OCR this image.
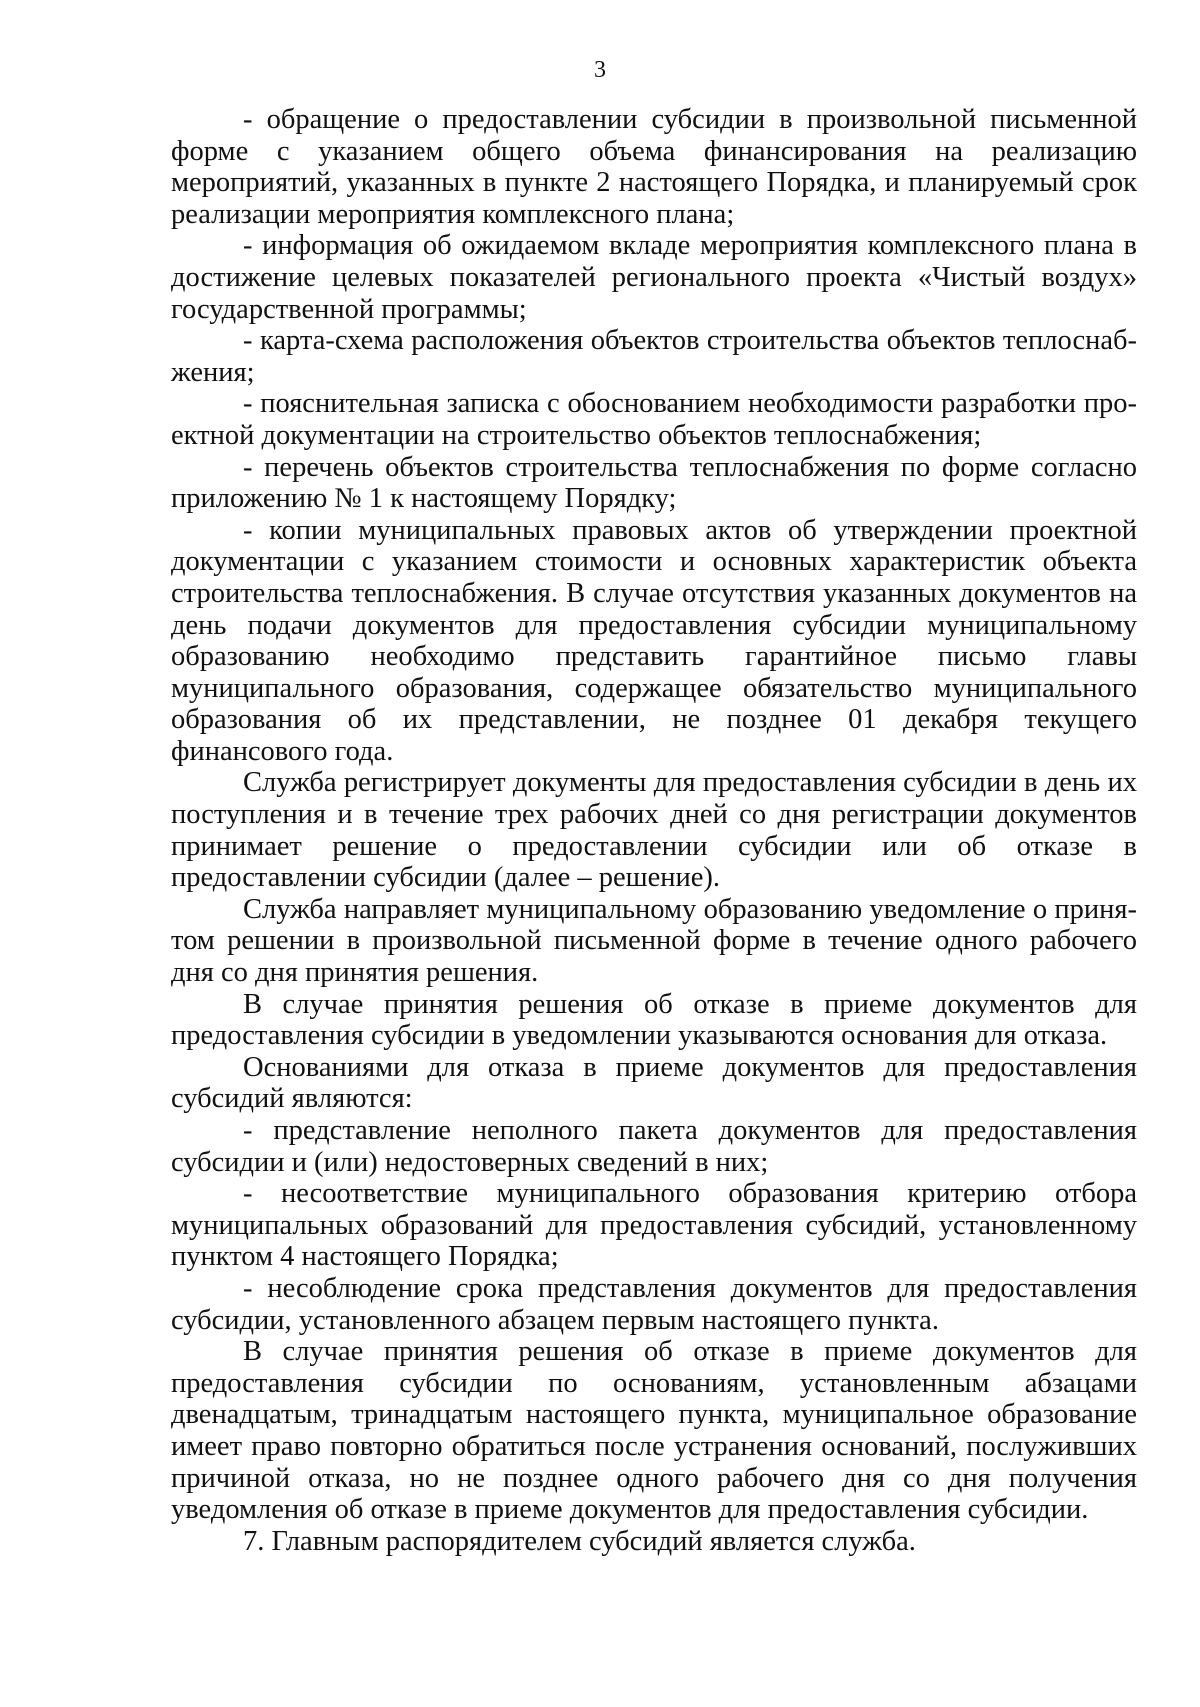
3

- обращение о предоставлении субсидии в произвольной письменной форме с указанием общего объема финансирования на реализацию мероприятий, указанных в пункте 2 настоящего Порядка, и планируемый срок реализации мероприятия комплексного плана;

- информация об ожидаемом вкладе мероприятия комплексного плана в достижение целевых показателей регионального проекта «Чистый воздух» государственной программы;

- карта-схема расположения объектов строительства объектов теплоснабжения;

- пояснительная записка с обоснованием необходимости разработки проектной документации на строительство объектов теплоснабжения;

- перечень объектов строительства теплоснабжения по форме согласно приложению № 1 к настоящему Порядку;

- копии муниципальных правовых актов об утверждении проектной документации с указанием стоимости и основных характеристик объекта строительства теплоснабжения. В случае отсутствия указанных документов на день подачи документов для предоставления субсидии муниципальному образованию необходимо представить гарантийное письмо главы муниципального образования, содержащее обязательство муниципального образования об их представлении, не позднее 01 декабря текущего финансового года.

Служба регистрирует документы для предоставления субсидии в день их поступления и в течение трех рабочих дней со дня регистрации документов принимает решение о предоставлении субсидии или об отказе в предоставлении субсидии (далее – решение).

Служба направляет муниципальному образованию уведомление о принятом решении в произвольной письменной форме в течение одного рабочего дня со дня принятия решения.

В случае принятия решения об отказе в приеме документов для предоставления субсидии в уведомлении указываются основания для отказа.

Основаниями для отказа в приеме документов для предоставления субсидий являются:

- представление неполного пакета документов для предоставления субсидии и (или) недостоверных сведений в них;

- несоответствие муниципального образования критерию отбора муниципальных образований для предоставления субсидий, установленному пунктом 4 настоящего Порядка;

- несоблюдение срока представления документов для предоставления субсидии, установленного абзацем первым настоящего пункта.

В случае принятия решения об отказе в приеме документов для предоставления субсидии по основаниям, установленным абзацами двенадцатым, тринадцатым настоящего пункта, муниципальное образование имеет право повторно обратиться после устранения оснований, послуживших причиной отказа, но не позднее одного рабочего дня со дня получения уведомления об отказе в приеме документов для предоставления субсидии.

7. Главным распорядителем субсидий является служба.
